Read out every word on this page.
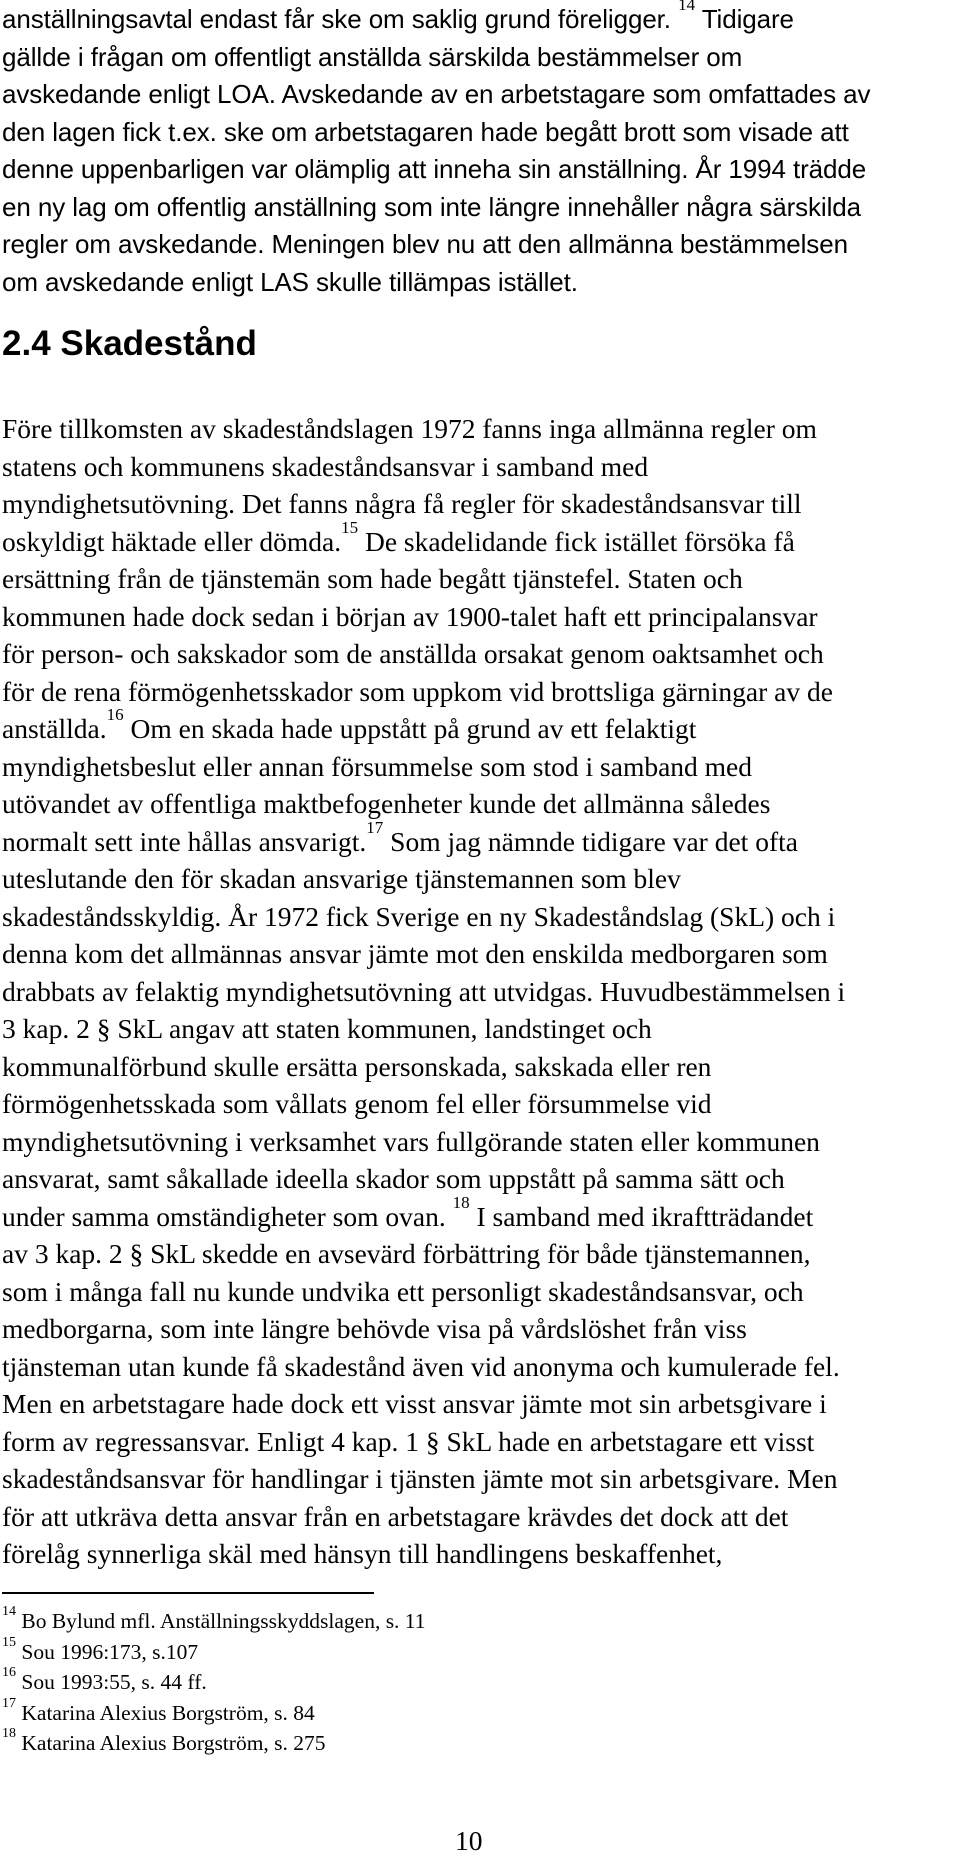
anställningsavtal endast får ske om saklig grund föreligger. $^{14}$ Tidigare
gällde i frågan om offentligt anställda särskilda bestämmelser om
avskedande enligt LOA. Avskedande av en arbetstagare som omfattades av
den lagen fick t.ex. ske om arbetstagaren hade begått brott som visade att
denne uppenbarligen var olämplig att inneha sin anställning. År 1994 trädde
en ny lag om offentlig anställning som inte längre innehåller några särskilda
regler om avskedande. Meningen blev nu att den allmänna bestämmelsen
om avskedande enligt LAS skulle tillämpas istället.
2.4 Skadestånd
Före tillkomsten av skadeståndslagen 1972 fanns inga allmänna regler om
statens och kommunens skadeståndsansvar i samband med
myndighetsutövning. Det fanns några få regler för skadeståndsansvar till
oskyldigt häktade eller dömda.$^{15}$ De skadelidande fick istället försöka få
ersättning från de tjänstemän som hade begått tjänstefel. Staten och
kommunen hade dock sedan i början av 1900-talet haft ett principalansvar
för person- och sakskador som de anställda orsakat genom oaktsamhet och
för de rena förmögenhetsskador som uppkom vid brottsliga gärningar av de
anställda.$^{16}$ Om en skada hade uppstått på grund av ett felaktigt
myndighetsbeslut eller annan försummelse som stod i samband med
utövandet av offentliga maktbefogenheter kunde det allmänna således
normalt sett inte hållas ansvarigt.$^{17}$ Som jag nämnde tidigare var det ofta
uteslutande den för skadan ansvarige tjänstemannen som blev
skadeståndsskyldig. År 1972 fick Sverige en ny Skadeståndslag (SkL) och i
denna kom det allmännas ansvar jämte mot den enskilda medborgaren som
drabbats av felaktig myndighetsutövning att utvidgas. Huvudbestämmelsen i
3 kap. 2 § SkL angav att staten kommunen, landstinget och
kommunalförbund skulle ersätta personskada, sakskada eller ren
förmögenhetsskada som vållats genom fel eller försummelse vid
myndighetsutövning i verksamhet vars fullgörande staten eller kommunen
ansvarat, samt såkallade ideella skador som uppstått på samma sätt och
under samma omständigheter som ovan. $^{18}$ I samband med ikraftträdandet
av 3 kap. 2 § SkL skedde en avsevärd förbättring för både tjänstemannen,
som i många fall nu kunde undvika ett personligt skadeståndsansvar, och
medborgarna, som inte längre behövde visa på vårdslöshet från viss
tjänsteman utan kunde få skadestånd även vid anonyma och kumulerade fel.
Men en arbetstagare hade dock ett visst ansvar jämte mot sin arbetsgivare i
form av regressansvar. Enligt 4 kap. 1 § SkL hade en arbetstagare ett visst
skadeståndsansvar för handlingar i tjänsten jämte mot sin arbetsgivare. Men
för att utkräva detta ansvar från en arbetstagare krävdes det dock att det
förelåg synnerliga skäl med hänsyn till handlingens beskaffenhet,
$^{14}$ Bo Bylund mfl. Anställningsskyddslagen, s. 11
$^{15}$ Sou 1996:173, s.107
$^{16}$ Sou 1993:55, s. 44 ff.
$^{17}$ Katarina Alexius Borgström, s. 84
$^{18}$ Katarina Alexius Borgström, s. 275
10
